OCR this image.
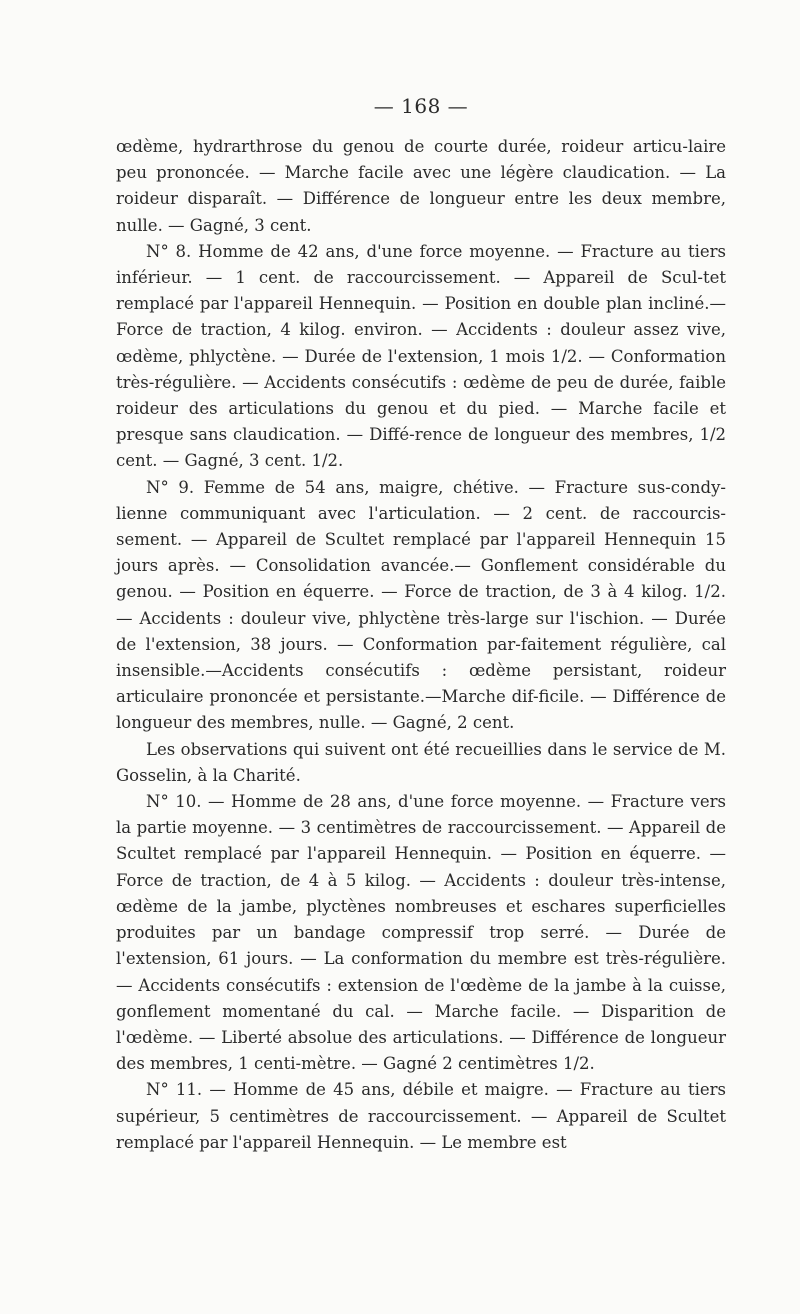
— 168 —

œdème, hydrarthrose du genou de courte durée, roideur articu-laire peu prononcée. — Marche facile avec une légère claudication. — La roideur disparaît. — Différence de longueur entre les deux membre, nulle. — Gagné, 3 cent.

N° 8. Homme de 42 ans, d'une force moyenne. — Fracture au tiers inférieur. — 1 cent. de raccourcissement. — Appareil de Scul-tet remplacé par l'appareil Hennequin. — Position en double plan incliné.— Force de traction, 4 kilog. environ. — Accidents : douleur assez vive, œdème, phlyctène. — Durée de l'extension, 1 mois 1/2. — Conformation très-régulière. — Accidents consécutifs : œdème de peu de durée, faible roideur des articulations du genou et du pied. — Marche facile et presque sans claudication. — Diffé-rence de longueur des membres, 1/2 cent. — Gagné, 3 cent. 1/2.

N° 9. Femme de 54 ans, maigre, chétive. — Fracture sus-condy-lienne communiquant avec l'articulation. — 2 cent. de raccourcis-sement. — Appareil de Scultet remplacé par l'appareil Hennequin 15 jours après. — Consolidation avancée.— Gonflement considérable du genou. — Position en équerre. — Force de traction, de 3 à 4 kilog. 1/2. — Accidents : douleur vive, phlyctène très-large sur l'ischion. — Durée de l'extension, 38 jours. — Conformation par-faitement régulière, cal insensible.—Accidents consécutifs : œdème persistant, roideur articulaire prononcée et persistante.—Marche dif-ficile. — Différence de longueur des membres, nulle. — Gagné, 2 cent.

Les observations qui suivent ont été recueillies dans le service de M. Gosselin, à la Charité.

N° 10. — Homme de 28 ans, d'une force moyenne. — Fracture vers la partie moyenne. — 3 centimètres de raccourcissement. — Appareil de Scultet remplacé par l'appareil Hennequin. — Position en équerre. — Force de traction, de 4 à 5 kilog. — Accidents : douleur très-intense, œdème de la jambe, plyctènes nombreuses et eschares superficielles produites par un bandage compressif trop serré. — Durée de l'extension, 61 jours. — La conformation du membre est très-régulière. — Accidents consécutifs : extension de l'œdème de la jambe à la cuisse, gonflement momentané du cal. — Marche facile. — Disparition de l'œdème. — Liberté absolue des articulations. — Différence de longueur des membres, 1 centi-mètre. — Gagné 2 centimètres 1/2.

N° 11. — Homme de 45 ans, débile et maigre. — Fracture au tiers supérieur, 5 centimètres de raccourcissement. — Appareil de Scultet remplacé par l'appareil Hennequin. — Le membre est
